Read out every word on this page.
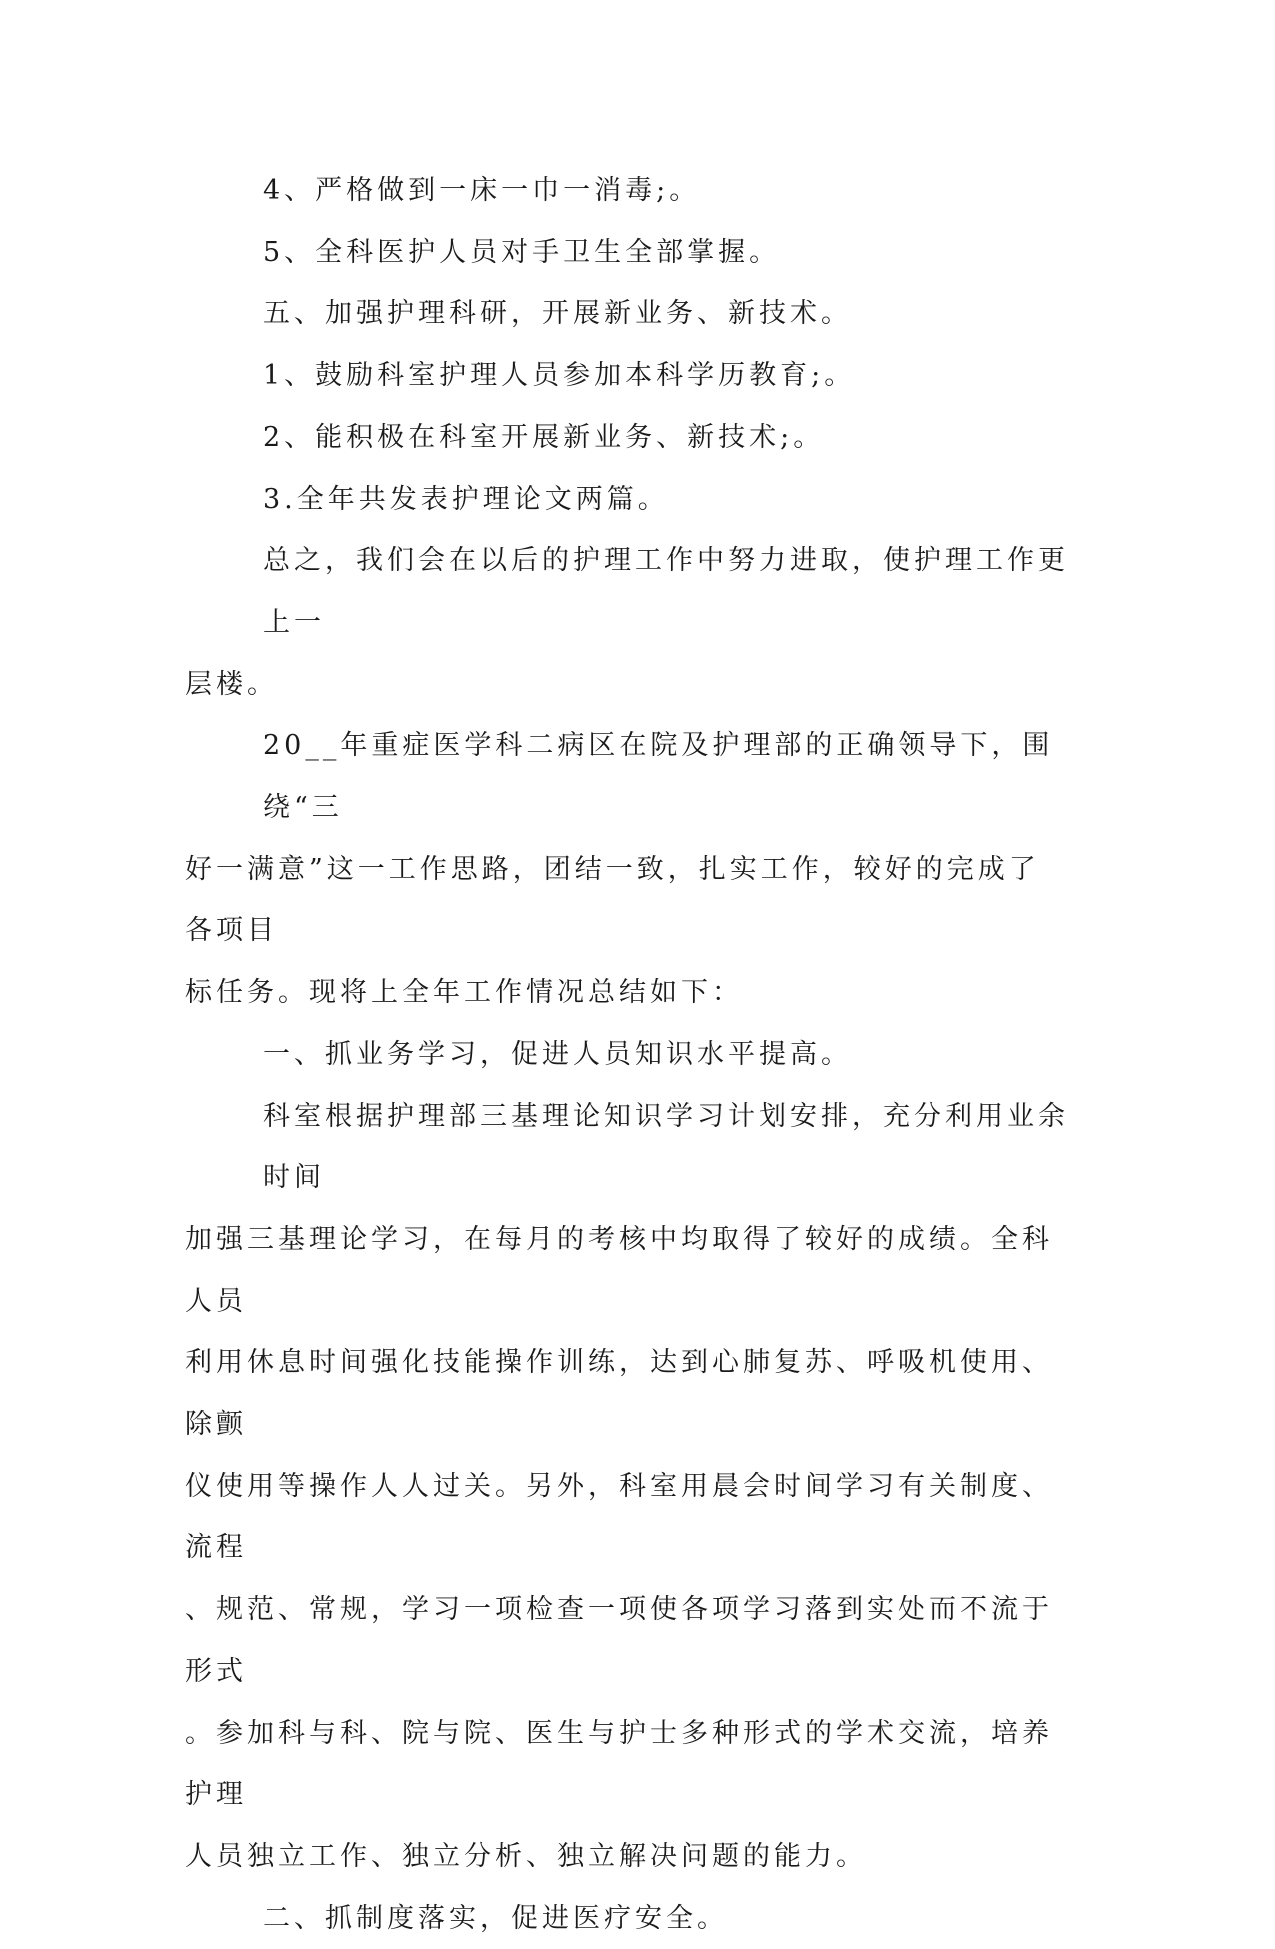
4、严格做到一床一巾一消毒;。
5、全科医护人员对手卫生全部掌握。
五、加强护理科研，开展新业务、新技术。
1、鼓励科室护理人员参加本科学历教育;。
2、能积极在科室开展新业务、新技术;。
3.全年共发表护理论文两篇。
总之，我们会在以后的护理工作中努力进取，使护理工作更上一
层楼。
20__年重症医学科二病区在院及护理部的正确领导下，围绕“三
好一满意”这一工作思路，团结一致，扎实工作，较好的完成了各项目
标任务。现将上全年工作情况总结如下：
一、抓业务学习，促进人员知识水平提高。
科室根据护理部三基理论知识学习计划安排，充分利用业余时间
加强三基理论学习，在每月的考核中均取得了较好的成绩。全科人员
利用休息时间强化技能操作训练，达到心肺复苏、呼吸机使用、除颤
仪使用等操作人人过关。另外，科室用晨会时间学习有关制度、流程
、规范、常规，学习一项检查一项使各项学习落到实处而不流于形式
。参加科与科、院与院、医生与护士多种形式的学术交流，培养护理
人员独立工作、独立分析、独立解决问题的能力。
二、抓制度落实，促进医疗安全。
